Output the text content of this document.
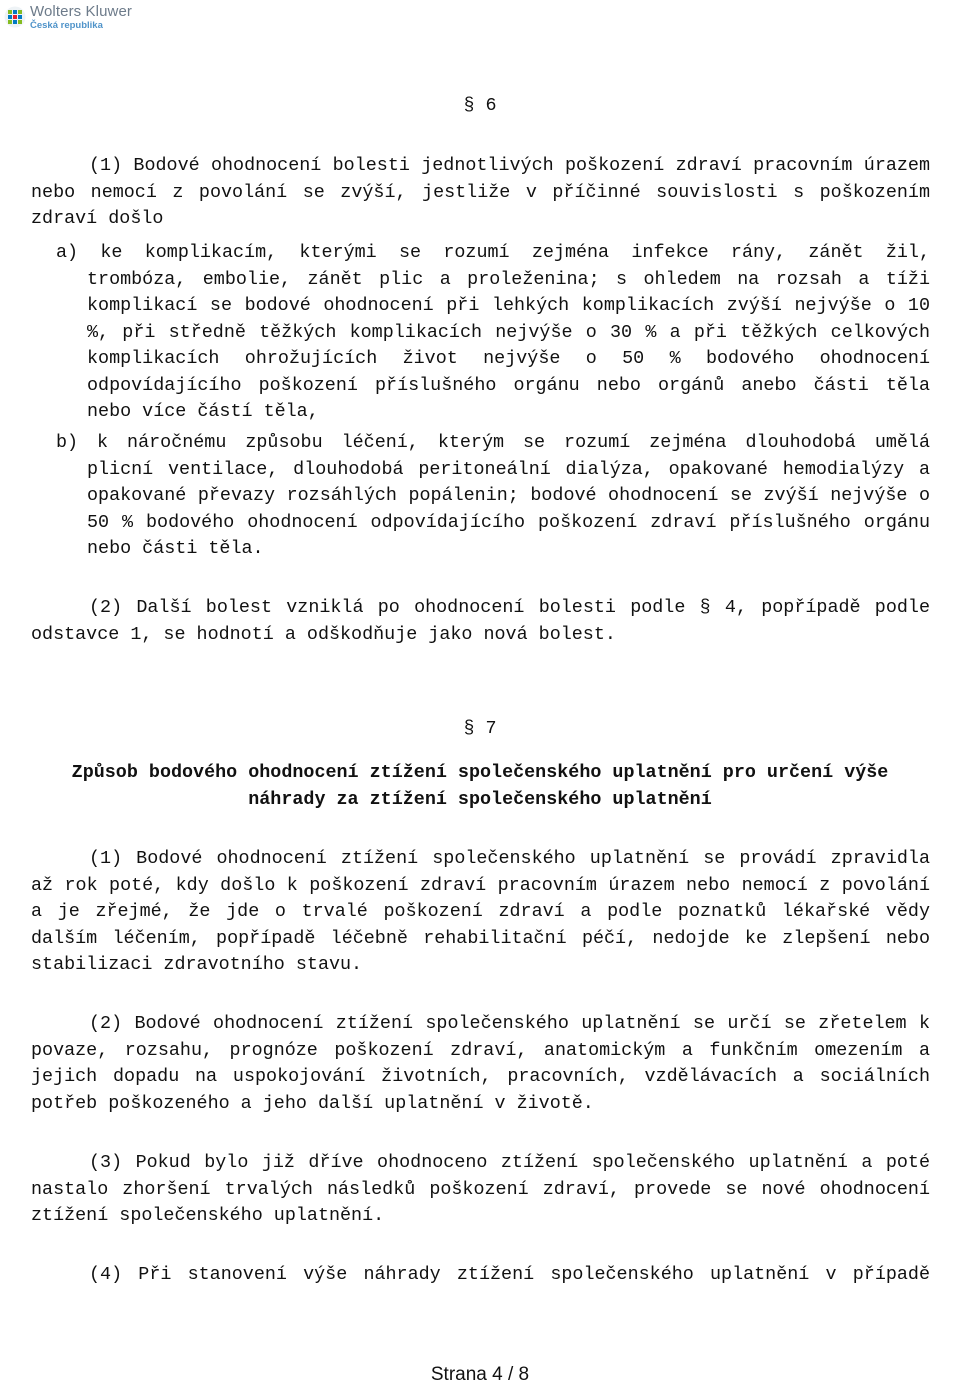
Wolters Kluwer
Česká republika
§ 6
(1) Bodové ohodnocení bolesti jednotlivých poškození zdraví pracovním úrazem
nebo nemocí z povolání se zvýší, jestliže v příčinné souvislosti s poškozením
zdraví došlo
a) ke komplikacím, kterými se rozumí zejména infekce rány, zánět žil,
trombóza, embolie, zánět plic a proleženina; s ohledem na rozsah a tíži
komplikací se bodové ohodnocení při lehkých komplikacích zvýší nejvýše o 10
%, při středně těžkých komplikacích nejvýše o 30 % a při těžkých celkových
komplikacích ohrožujících život nejvýše o 50 % bodového ohodnocení
odpovídajícího poškození příslušného orgánu nebo orgánů anebo části těla
nebo více částí těla,
b) k náročnému způsobu léčení, kterým se rozumí zejména dlouhodobá umělá
plicní ventilace, dlouhodobá peritoneální dialýza, opakované hemodialýzy a
opakované převazy rozsáhlých popálenin; bodové ohodnocení se zvýší nejvýše o
50 % bodového ohodnocení odpovídajícího poškození zdraví příslušného orgánu
nebo části těla.
(2) Další bolest vzniklá po ohodnocení bolesti podle § 4, popřípadě podle
odstavce 1, se hodnotí a odškodňuje jako nová bolest.
§ 7
Způsob bodového ohodnocení ztížení společenského uplatnění pro určení výše
náhrady za ztížení společenského uplatnění
(1) Bodové ohodnocení ztížení společenského uplatnění se provádí zpravidla
až rok poté, kdy došlo k poškození zdraví pracovním úrazem nebo nemocí z povolání
a je zřejmé, že jde o trvalé poškození zdraví a podle poznatků lékařské vědy
dalším léčením, popřípadě léčebně rehabilitační péčí, nedojde ke zlepšení nebo
stabilizaci zdravotního stavu.
(2) Bodové ohodnocení ztížení společenského uplatnění se určí se zřetelem k
povaze, rozsahu, prognóze poškození zdraví, anatomickým a funkčním omezením a
jejich dopadu na uspokojování životních, pracovních, vzdělávacích a sociálních
potřeb poškozeného a jeho další uplatnění v životě.
(3) Pokud bylo již dříve ohodnoceno ztížení společenského uplatnění a poté
nastalo zhoršení trvalých následků poškození zdraví, provede se nové ohodnocení
ztížení společenského uplatnění.
(4) Při stanovení výše náhrady ztížení společenského uplatnění v případě
Strana 4 / 8
